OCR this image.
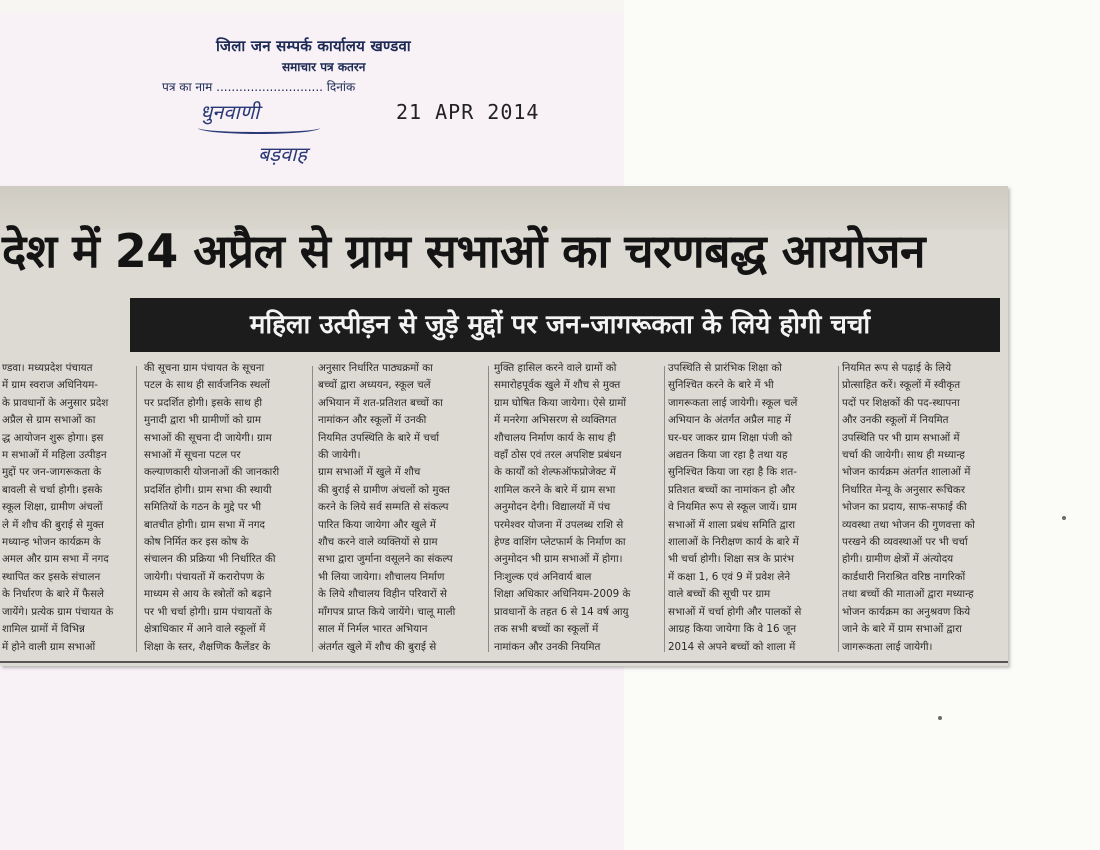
जिला जन सम्पर्क कार्यालय खण्डवा
समाचार पत्र कतरन
पत्र का नाम ............................ दिनांक
21 APR 2014
धुनवाणी
बड़वाह
देश में 24 अप्रैल से ग्राम सभाओं का चरणबद्ध आयोजन
महिला उत्पीड़न से जुड़े मुद्दों पर जन-जागरूकता के लिये होगी चर्चा

ण्डवा। मध्यप्रदेश पंचायत

में ग्राम स्वराज अधिनियम-

के प्रावधानों के अनुसार प्रदेश

अप्रैल से ग्राम सभाओं का

द्ध आयोजन शुरू होगा। इस

म सभाओं में महिला उत्पीड़न

मुद्दों पर जन-जागरूकता के

बावली से चर्चा होगी। इसके

स्कूल शिक्षा, ग्रामीण अंचलों

ले में शौच की बुराई से मुक्त

मध्यान्ह भोजन कार्यक्रम के

अमल और ग्राम सभा में नगद

स्थापित कर इसके संचालन

के निर्धारण के बारे में फैसले

जायेंगे। प्रत्येक ग्राम पंचायत के

शामिल ग्रामों में विभिन्न

में होने वाली ग्राम सभाओं

की सूचना ग्राम पंचायत के सूचना

पटल के साथ ही सार्वजनिक स्थलों

पर प्रदर्शित होगी। इसके साथ ही

मुनादी द्वारा भी ग्रामीणों को ग्राम

सभाओं की सूचना दी जायेगी। ग्राम

सभाओं में सूचना पटल पर

कल्याणकारी योजनाओं की जानकारी

प्रदर्शित होगी। ग्राम सभा की स्थायी

समितियों के गठन के मुद्दे पर भी

बातचीत होगी। ग्राम सभा में नगद

कोष निर्मित कर इस कोष के

संचालन की प्रक्रिया भी निर्धारित की

जायेगी। पंचायतों में करारोपण के

माध्यम से आय के स्त्रोतों को बढ़ाने

पर भी चर्चा होगी। ग्राम पंचायतों के

क्षेत्राधिकार में आने वाले स्कूलों में

शिक्षा के स्तर, शैक्षणिक कैलेंडर के

अनुसार निर्धारित पाठ्यक्रमों का

बच्चों द्वारा अध्ययन, स्कूल चलें

अभियान में शत-प्रतिशत बच्चों का

नामांकन और स्कूलों में उनकी

नियमित उपस्थिति के बारे में चर्चा

की जायेगी।

ग्राम सभाओं में खुले में शौच

की बुराई से ग्रामीण अंचलों को मुक्त

करने के लिये सर्व सम्मति से संकल्प

पारित किया जायेगा और खुले में

शौच करने वाले व्यक्तियों से ग्राम

सभा द्वारा जुर्माना वसूलने का संकल्प

भी लिया जायेगा। शौचालय निर्माण

के लिये शौचालय विहीन परिवारों से

माँगपत्र प्राप्त किये जायेंगे। चालू माली

साल में निर्मल भारत अभियान

अंतर्गत खुले में शौच की बुराई से

मुक्ति हासिल करने वाले ग्रामों को

समारोहपूर्वक खुले में शौच से मुक्त

ग्राम घोषित किया जायेगा। ऐसे ग्रामों

में मनरेगा अभिसरण से व्यक्तिगत

शौचालय निर्माण कार्य के साथ ही

वहाँ ठोस एवं तरल अपशिष्ट प्रबंधन

के कार्यों को शेल्फऑफप्रोजेक्ट में

शामिल करने के बारे में ग्राम सभा

अनुमोदन देगी। विद्यालयों में पंच

परमेश्वर योजना में उपलब्ध राशि से

हेण्ड वाशिंग प्लेटफार्म के निर्माण का

अनुमोदन भी ग्राम सभाओं में होगा।

निःशुल्क एवं अनिवार्य बाल

शिक्षा अधिकार अधिनियम-2009 के

प्रावधानों के तहत 6 से 14 वर्ष आयु

तक सभी बच्चों का स्कूलों में

नामांकन और उनकी नियमित

उपस्थिति से प्रारंभिक शिक्षा को

सुनिश्चित करने के बारे में भी

जागरूकता लाई जायेगी। स्कूल चलें

अभियान के अंतर्गत अप्रैल माह में

घर-घर जाकर ग्राम शिक्षा पंजी को

अद्यतन किया जा रहा है तथा यह

सुनिश्चित किया जा रहा है कि शत-

प्रतिशत बच्चों का नामांकन हो और

वे नियमित रूप से स्कूल जायें। ग्राम

सभाओं में शाला प्रबंध समिति द्वारा

शालाओं के निरीक्षण कार्य के बारे में

भी चर्चा होगी। शिक्षा सत्र के प्रारंभ

में कक्षा 1, 6 एवं 9 में प्रवेश लेने

वाले बच्चों की सूची पर ग्राम

सभाओं में चर्चा होगी और पालकों से

आग्रह किया जायेगा कि वे 16 जून

2014 से अपने बच्चों को शाला में

नियमित रूप से पढ़ाई के लिये

प्रोत्साहित करें। स्कूलों में स्वीकृत

पदों पर शिक्षकों की पद-स्थापना

और उनकी स्कूलों में नियमित

उपस्थिति पर भी ग्राम सभाओं में

चर्चा की जायेगी। साथ ही मध्यान्ह

भोजन कार्यक्रम अंतर्गत शालाओं में

निर्धारित मेन्यू के अनुसार रूचिकर

भोजन का प्रदाय, साफ-सफाई की

व्यवस्था तथा भोजन की गुणवत्ता को

परखने की व्यवस्थाओं पर भी चर्चा

होगी। ग्रामीण क्षेत्रों में अंत्योदय

कार्डधारी निराश्रित वरिष्ठ नागरिकों

तथा बच्चों की माताओं द्वारा मध्यान्ह

भोजन कार्यक्रम का अनुश्रवण किये

जाने के बारे में ग्राम सभाओं द्वारा

जागरूकता लाई जायेगी।
